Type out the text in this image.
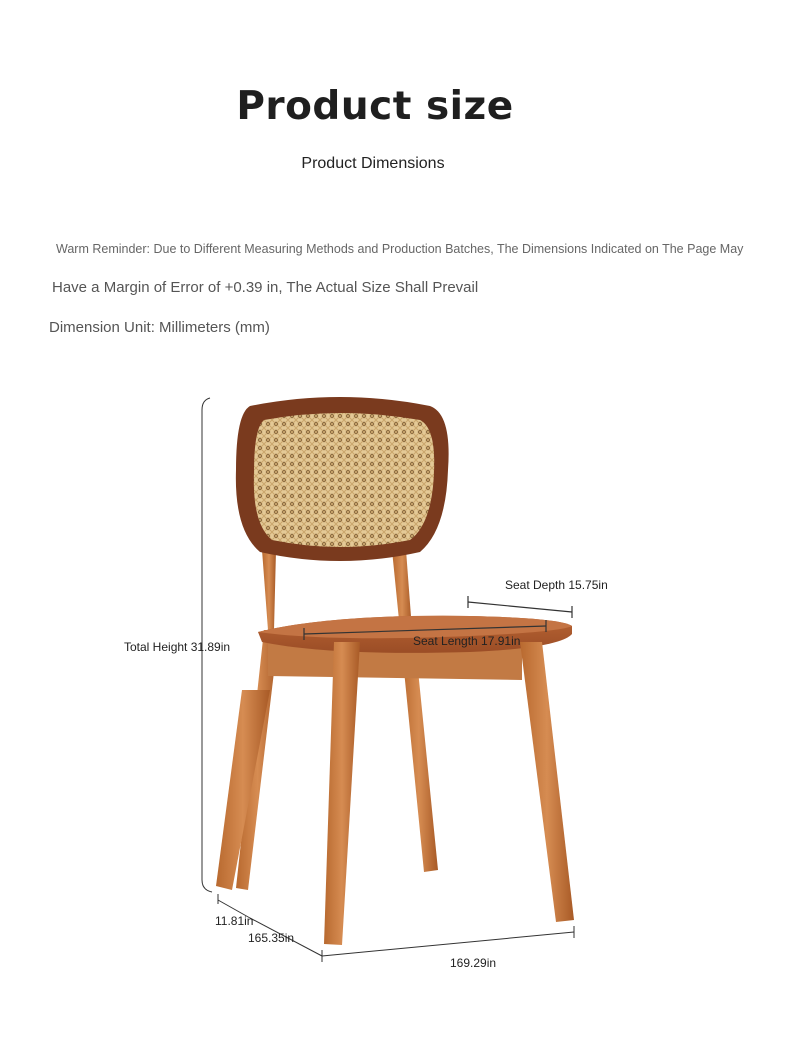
Product size
Product Dimensions
Warm Reminder: Due to Different Measuring Methods and Production Batches, The Dimensions Indicated on The Page May
Have a Margin of Error of +0.39 in, The Actual Size Shall Prevail
Dimension Unit: Millimeters (mm)
Total Height 31.89in
Seat Depth 15.75in
Seat Length 17.91in
11.81in
165.35in
169.29in
